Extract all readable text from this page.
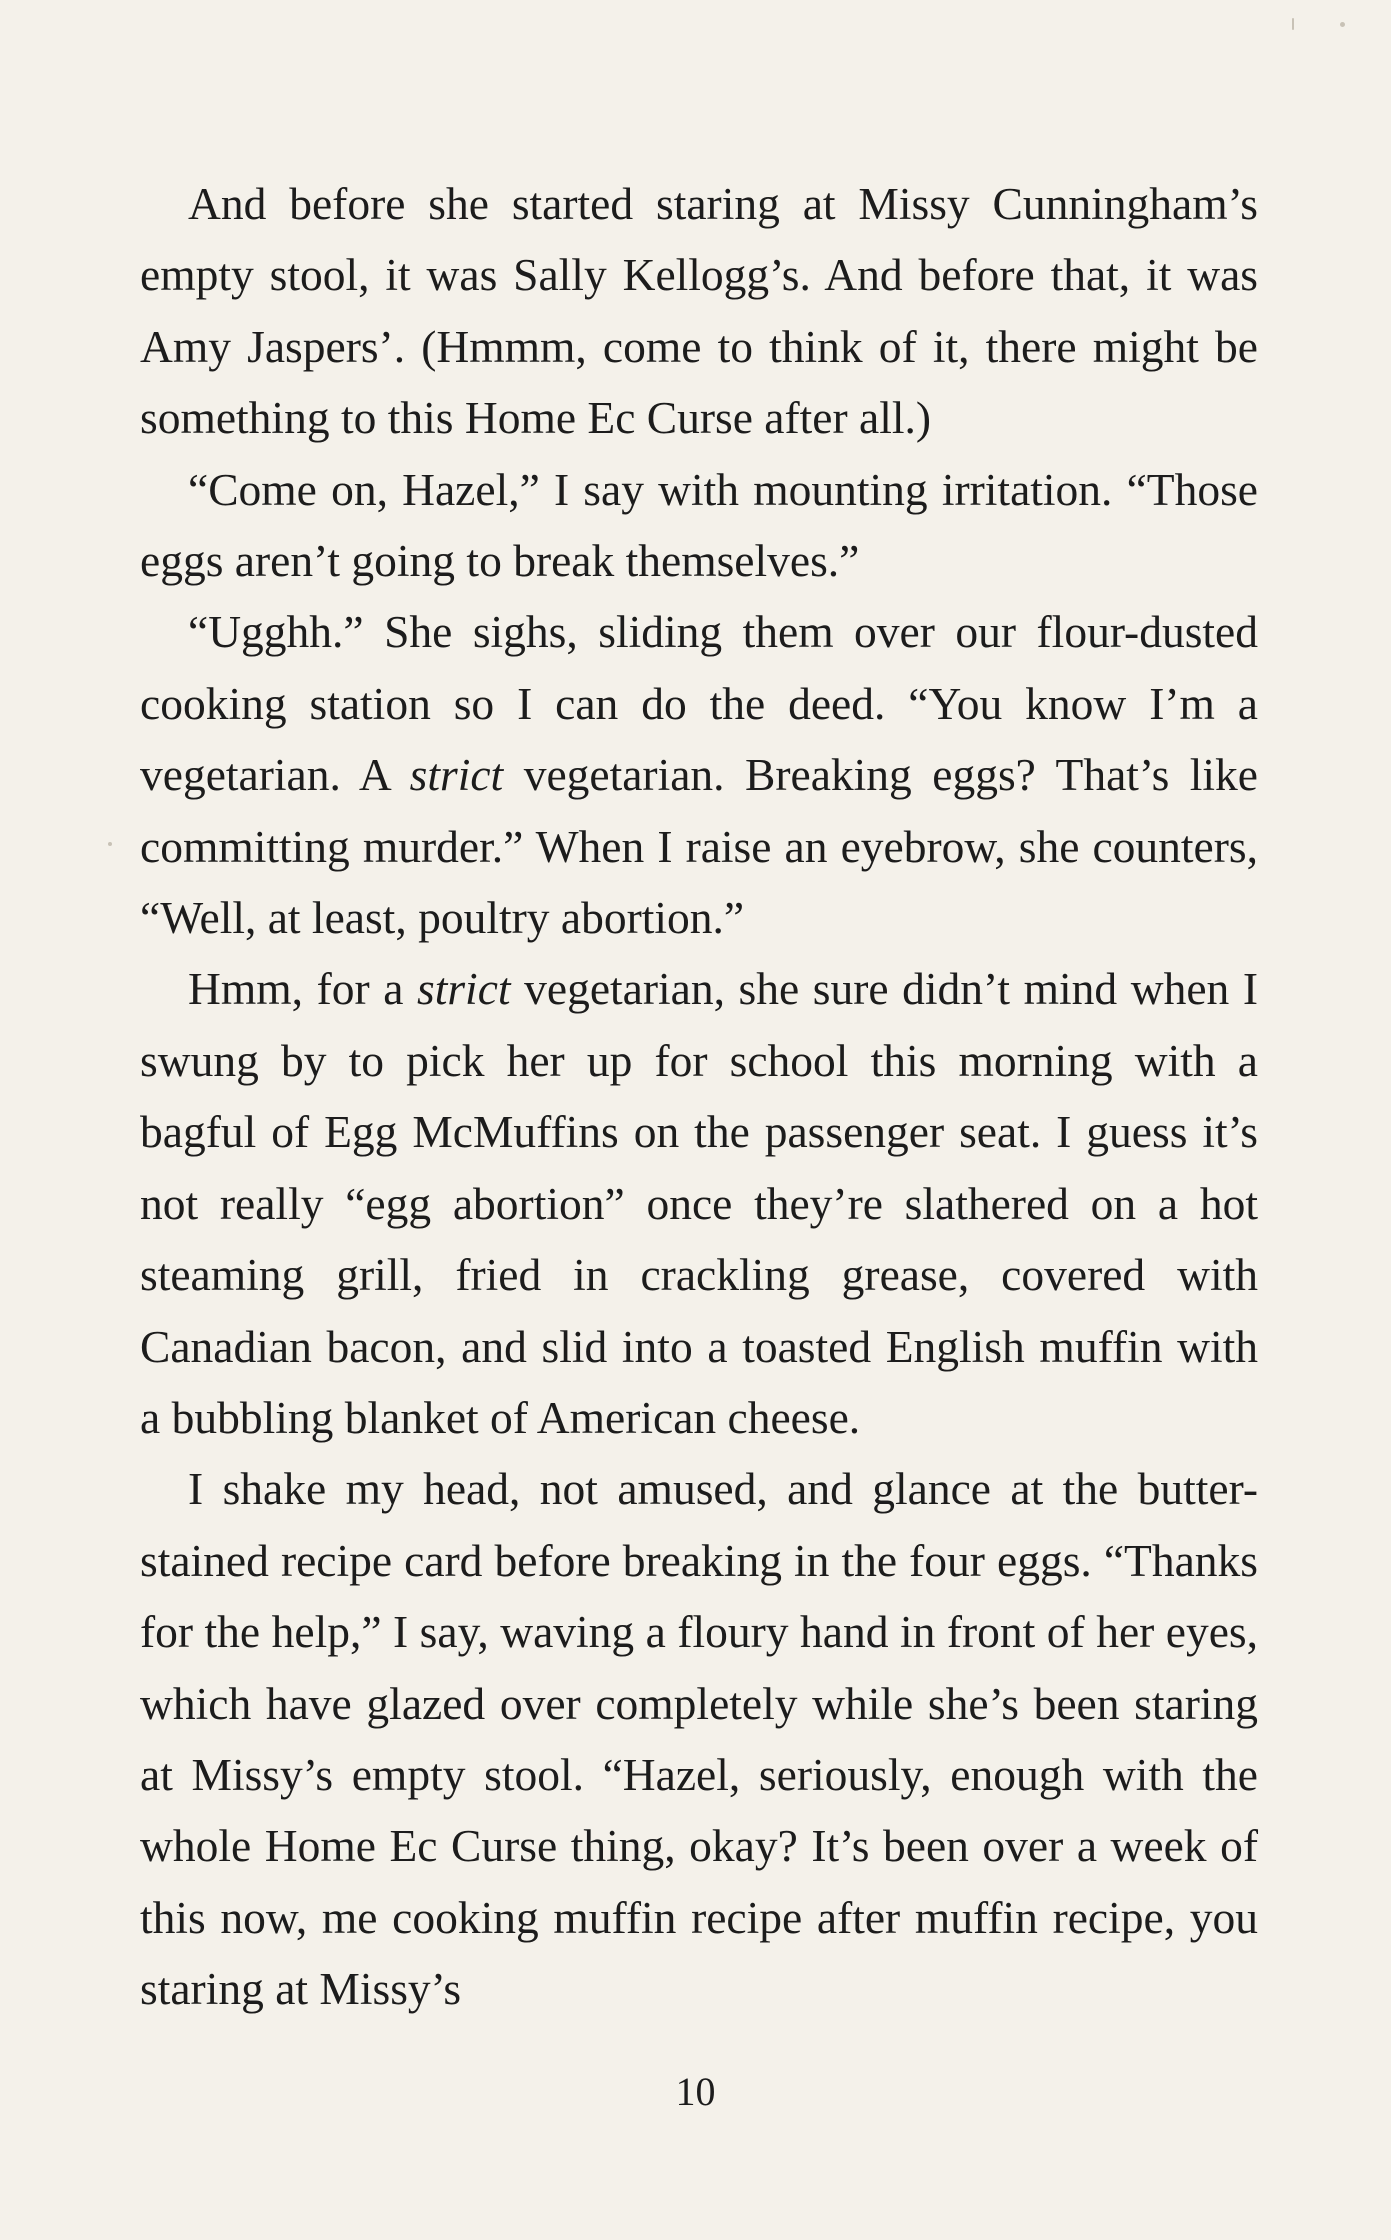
And before she started staring at Missy Cunningham’s empty stool, it was Sally Kellogg’s. And before that, it was Amy Jaspers’. (Hmmm, come to think of it, there might be something to this Home Ec Curse after all.)

“Come on, Hazel,” I say with mounting irritation. “Those eggs aren’t going to break themselves.”

“Ugghh.” She sighs, sliding them over our flour-dusted cooking station so I can do the deed. “You know I’m a vegetarian. A strict vegetarian. Breaking eggs? That’s like committing murder.” When I raise an eyebrow, she counters, “Well, at least, poultry abortion.”

Hmm, for a strict vegetarian, she sure didn’t mind when I swung by to pick her up for school this morning with a bagful of Egg McMuffins on the passenger seat. I guess it’s not really “egg abortion” once they’re slathered on a hot steaming grill, fried in crackling grease, covered with Canadian bacon, and slid into a toasted English muffin with a bubbling blanket of American cheese.

I shake my head, not amused, and glance at the butter-stained recipe card before breaking in the four eggs. “Thanks for the help,” I say, waving a floury hand in front of her eyes, which have glazed over completely while she’s been staring at Missy’s empty stool. “Hazel, seriously, enough with the whole Home Ec Curse thing, okay? It’s been over a week of this now, me cooking muffin recipe after muffin recipe, you staring at Missy’s

10
